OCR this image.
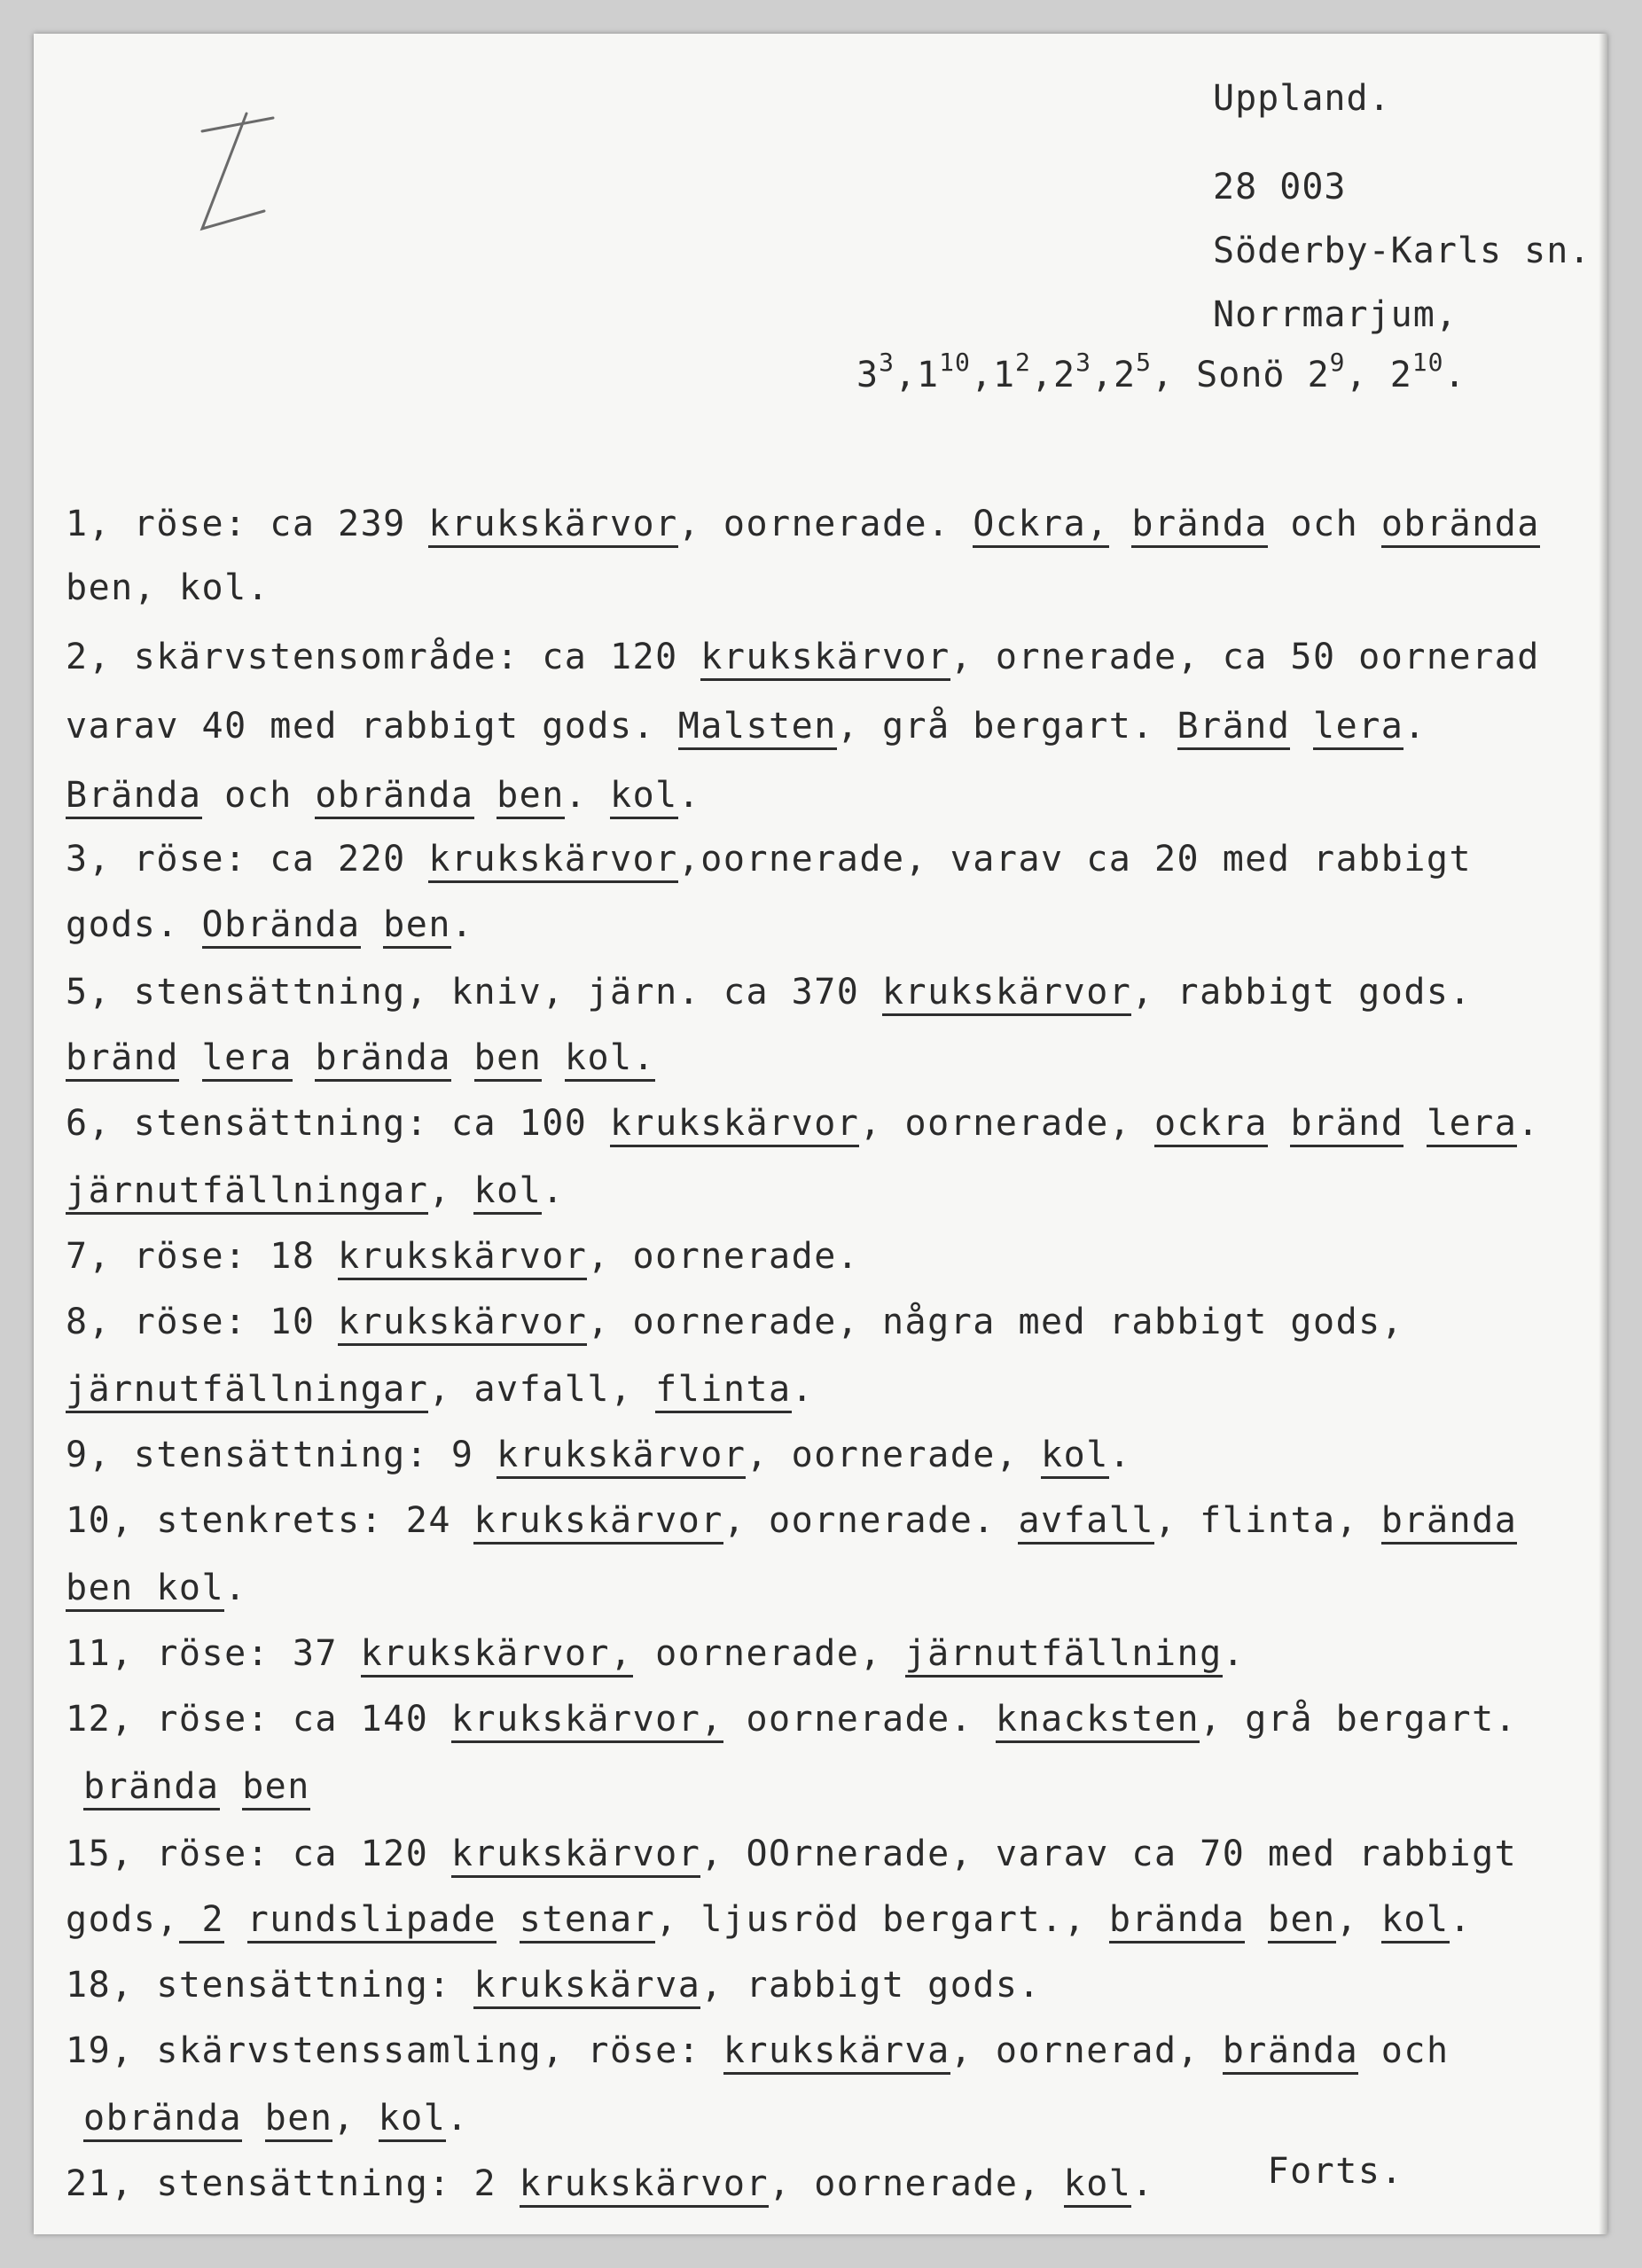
Uppland.
28 003
Söderby-Karls sn.
Norrmarjum,
$3^3,1^{10},1^2,2^3,2^5$, Sonö $2^9$, $2^{10}$.
1, röse: ca 239 krukskärvor, oornerade. Ockra, brända och obrända
ben, kol.
2, skärvstensområde: ca 120 krukskärvor, ornerade, ca 50 oornerad
varav 40 med rabbigt gods. Malsten, grå bergart. Bränd lera.
Brända och obrända ben. kol.
3, röse: ca 220 krukskärvor,oornerade, varav ca 20 med rabbigt
gods. Obrända ben.
5, stensättning, kniv, järn. ca 370 krukskärvor, rabbigt gods.
bränd lera brända ben kol.
6, stensättning: ca 100 krukskärvor, oornerade, ockra bränd lera.
järnutfällningar, kol.
7, röse: 18 krukskärvor, oornerade.
8, röse: 10 krukskärvor, oornerade, några med rabbigt gods,
järnutfällningar, avfall, flinta.
9, stensättning: 9 krukskärvor, oornerade, kol.
10, stenkrets: 24 krukskärvor, oornerade. avfall, flinta, brända
ben kol.
11, röse: 37 krukskärvor, oornerade, järnutfällning.
12, röse: ca 140 krukskärvor, oornerade. knacksten, grå bergart.
brända ben
15, röse: ca 120 krukskärvor, OOrnerade, varav ca 70 med rabbigt
gods, 2 rundslipade stenar, ljusröd bergart., brända ben, kol.
18, stensättning: krukskärva, rabbigt gods.
19, skärvstenssamling, röse: krukskärva, oornerad, brända och
obrända ben, kol.
21, stensättning: 2 krukskärvor, oornerade, kol.	Forts.
